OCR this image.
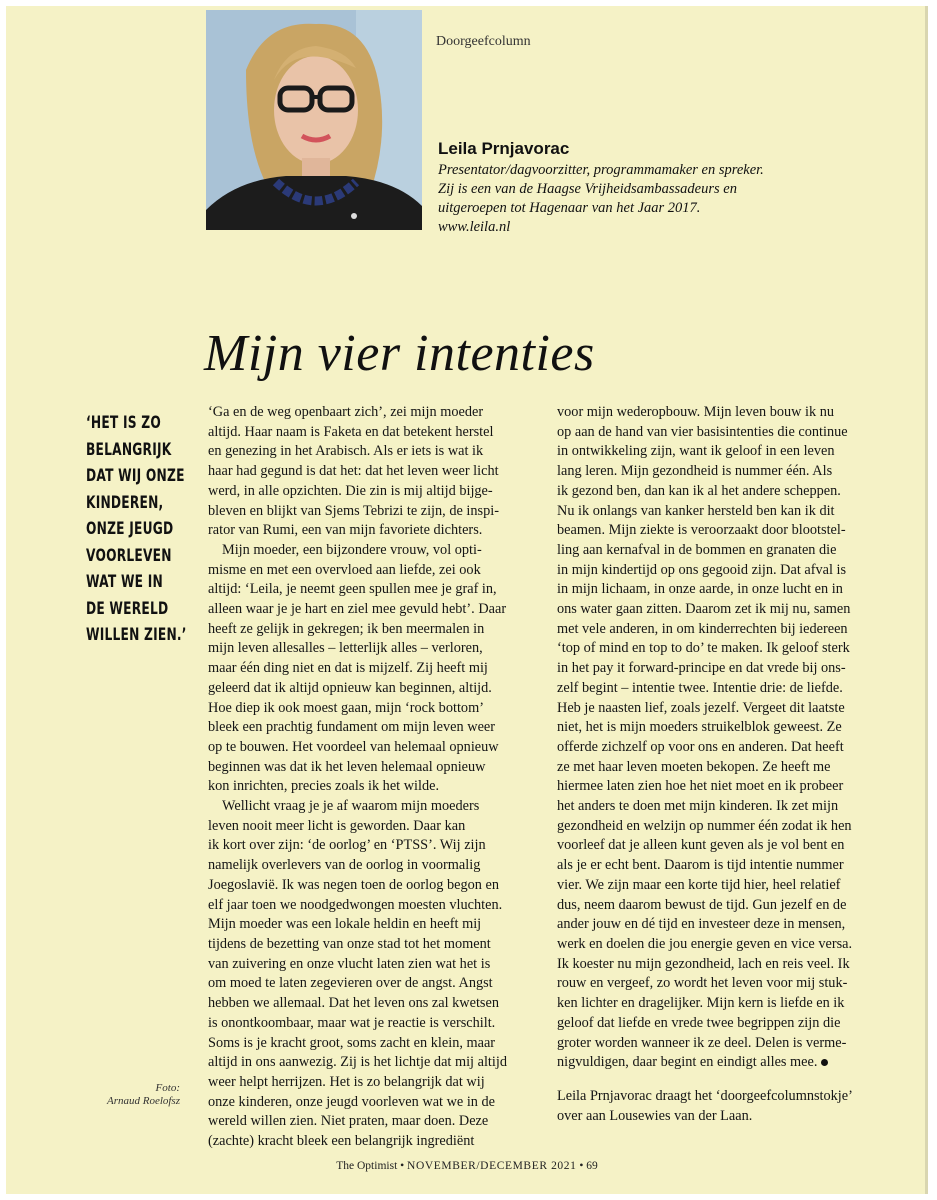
Doorgeefcolumn
Leila Prnjavorac
Presentator/dagvoorzitter, programmamaker en spreker.
Zij is een van de Haagse Vrijheidsambassadeurs en
uitgeroepen tot Hagenaar van het Jaar 2017.
www.leila.nl
Mijn vier intenties
‘HET IS ZO
BELANGRIJK
DAT WIJ ONZE
KINDEREN,
ONZE JEUGD
VOORLEVEN
WAT WE IN
DE WERELD
WILLEN ZIEN.’
Foto:
Arnaud Roelofsz
‘Ga en de weg openbaart zich’, zei mijn moeder
altijd. Haar naam is Faketa en dat betekent herstel
en genezing in het Arabisch. Als er iets is wat ik
haar had gegund is dat het: dat het leven weer licht
werd, in alle opzichten. Die zin is mij altijd bijge-
bleven en blijkt van Sjems Tebrizi te zijn, de inspi-
rator van Rumi, een van mijn favoriete dichters.
Mijn moeder, een bijzondere vrouw, vol opti-
misme en met een overvloed aan liefde, zei ook
altijd: ‘Leila, je neemt geen spullen mee je graf in,
alleen waar je je hart en ziel mee gevuld hebt’. Daar
heeft ze gelijk in gekregen; ik ben meermalen in
mijn leven allesalles – letterlijk alles – verloren,
maar één ding niet en dat is mijzelf. Zij heeft mij
geleerd dat ik altijd opnieuw kan beginnen, altijd.
Hoe diep ik ook moest gaan, mijn ‘rock bottom’
bleek een prachtig fundament om mijn leven weer
op te bouwen. Het voordeel van helemaal opnieuw
beginnen was dat ik het leven helemaal opnieuw
kon inrichten, precies zoals ik het wilde.
Wellicht vraag je je af waarom mijn moeders
leven nooit meer licht is geworden. Daar kan
ik kort over zijn: ‘de oorlog’ en ‘PTSS’. Wij zijn
namelijk overlevers van de oorlog in voormalig
Joegoslavië. Ik was negen toen de oorlog begon en
elf jaar toen we noodgedwongen moesten vluchten.
Mijn moeder was een lokale heldin en heeft mij
tijdens de bezetting van onze stad tot het moment
van zuivering en onze vlucht laten zien wat het is
om moed te laten zegevieren over de angst. Angst
hebben we allemaal. Dat het leven ons zal kwetsen
is onontkoombaar, maar wat je reactie is verschilt.
Soms is je kracht groot, soms zacht en klein, maar
altijd in ons aanwezig. Zij is het lichtje dat mij altijd
weer helpt herrijzen. Het is zo belangrijk dat wij
onze kinderen, onze jeugd voorleven wat we in de
wereld willen zien. Niet praten, maar doen. Deze
(zachte) kracht bleek een belangrijk ingrediënt
voor mijn wederopbouw. Mijn leven bouw ik nu
op aan de hand van vier basisintenties die continue
in ontwikkeling zijn, want ik geloof in een leven
lang leren. Mijn gezondheid is nummer één. Als
ik gezond ben, dan kan ik al het andere scheppen.
Nu ik onlangs van kanker hersteld ben kan ik dit
beamen. Mijn ziekte is veroorzaakt door blootstel-
ling aan kernafval in de bommen en granaten die
in mijn kindertijd op ons gegooid zijn. Dat afval is
in mijn lichaam, in onze aarde, in onze lucht en in
ons water gaan zitten. Daarom zet ik mij nu, samen
met vele anderen, in om kinderrechten bij iedereen
‘top of mind en top to do’ te maken. Ik geloof sterk
in het pay it forward-principe en dat vrede bij ons-
zelf begint – intentie twee. Intentie drie: de liefde.
Heb je naasten lief, zoals jezelf. Vergeet dit laatste
niet, het is mijn moeders struikelblok geweest. Ze
offerde zichzelf op voor ons en anderen. Dat heeft
ze met haar leven moeten bekopen. Ze heeft me
hiermee laten zien hoe het niet moet en ik probeer
het anders te doen met mijn kinderen. Ik zet mijn
gezondheid en welzijn op nummer één zodat ik hen
voorleef dat je alleen kunt geven als je vol bent en
als je er echt bent. Daarom is tijd intentie nummer
vier. We zijn maar een korte tijd hier, heel relatief
dus, neem daarom bewust de tijd. Gun jezelf en de
ander jouw en dé tijd en investeer deze in mensen,
werk en doelen die jou energie geven en vice versa.
Ik koester nu mijn gezondheid, lach en reis veel. Ik
rouw en vergeef, zo wordt het leven voor mij stuk-
ken lichter en dragelijker. Mijn kern is liefde en ik
geloof dat liefde en vrede twee begrippen zijn die
groter worden wanneer ik ze deel. Delen is verme-
nigvuldigen, daar begint en eindigt alles mee.
Leila Prnjavorac draagt het ‘doorgeefcolumnstokje’
over aan Lousewies van der Laan.
The Optimist • NOVEMBER/DECEMBER 2021 • 69
